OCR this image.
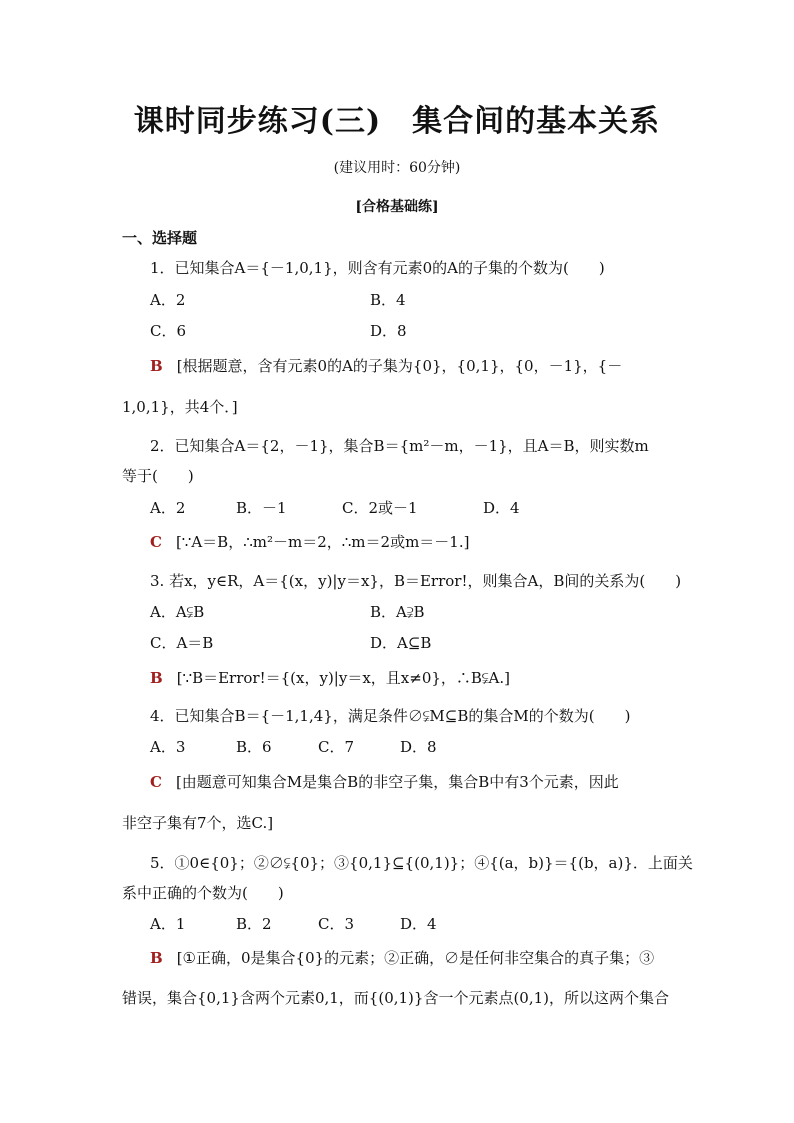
课时同步练习(三)　集合间的基本关系
(建议用时：60分钟)
[合格基础练]
一、选择题
1．已知集合A＝{－1,0,1}，则含有元素0的A的子集的个数为(　　)
A．2	B．4
C．6	D．8
B [根据题意，含有元素0的A的子集为{0}，{0,1}，{0，－1}，{－
1,0,1}，共4个．]
2．已知集合A＝{2，－1}，集合B＝{m²－m，－1}，且A＝B，则实数m
等于(　　)
A．2	B．－1	C．2或－1	D．4
C [∵A＝B，∴m²－m＝2，∴m＝2或m＝－1.]
3. 若x，y∈R，A＝{(x，y)|y＝x}，B＝Error!，则集合A，B间的关系为(　　)
A．A⫋B	B．A⫌B
C．A＝B	D．A⊆B
B [∵B＝Error!＝{(x，y)|y＝x，且x≠0}，∴B⫋A.]
4．已知集合B＝{－1,1,4}，满足条件∅⫋M⊆B的集合M的个数为(　　)
A．3	B．6	C．7	D．8
C [由题意可知集合M是集合B的非空子集，集合B中有3个元素，因此
非空子集有7个，选C.]
5．①0∈{0}；②∅⫋{0}；③{0,1}⊆{(0,1)}；④{(a，b)}＝{(b，a)}．上面关
系中正确的个数为(　　)
A．1	B．2	C．3	D．4
B [①正确，0是集合{0}的元素；②正确，∅是任何非空集合的真子集；③
错误，集合{0,1}含两个元素0,1，而{(0,1)}含一个元素点(0,1)，所以这两个集合
